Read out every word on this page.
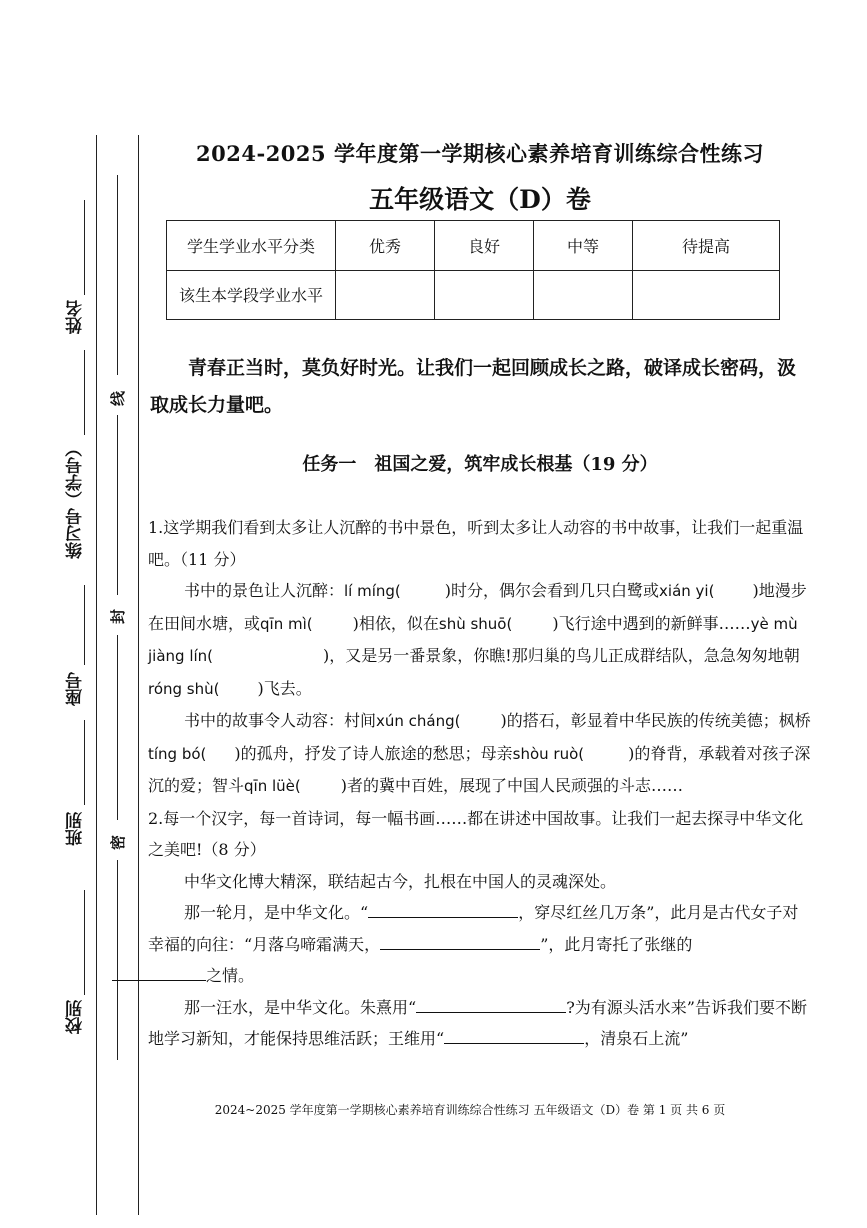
姓名
练习号（学号）
座号
班别
校别
线
封
密
2024-2025 学年度第一学期核心素养培育训练综合性练习
五年级语文（D）卷
学生学业水平分类	优秀	良好	中等	待提高
该生本学段学业水平				
青春正当时，莫负好时光。让我们一起回顾成长之路，破译成长密码，汲取成长力量吧。
任务一　祖国之爱，筑牢成长根基（19 分）
1.这学期我们看到太多让人沉醉的书中景色，听到太多让人动容的书中故事，让我们一起重温吧。（11 分）
书中的景色让人沉醉：lí míng(	)时分，偶尔会看到几只白鹭或xián yi( )地漫步在田间水塘，或qīn mì(	)相依，似在shù shuō(	)飞行途中遇到的新鲜事……yè mù jiàng lín(	)，又是另一番景象，你瞧!那归巢的鸟儿正成群结队，急急匆匆地朝róng shù( )飞去。
书中的故事令人动容：村间xún cháng(	)的搭石，彰显着中华民族的传统美德；枫桥tíng bó( )的孤舟，抒发了诗人旅途的愁思；母亲shòu ruò(	)的脊背，承载着对孩子深沉的爱；智斗qīn lüè(	)者的冀中百姓，展现了中国人民顽强的斗志……
2.每一个汉字，每一首诗词，每一幅书画……都在讲述中国故事。让我们一起去探寻中华文化之美吧!（8 分）
中华文化博大精深，联结起古今，扎根在中国人的灵魂深处。
那一轮月，是中华文化。“	，穿尽红丝几万条”，此月是古代女子对幸福的向往：“月落乌啼霜满天，	”，此月寄托了张继的
之情。
那一汪水，是中华文化。朱熹用“	?为有源头活水来”告诉我们要不断地学习新知，才能保持思维活跃；王维用“	，清泉石上流”
2024~2025 学年度第一学期核心素养培育训练综合性练习 五年级语文（D）卷 第 1 页 共 6 页
